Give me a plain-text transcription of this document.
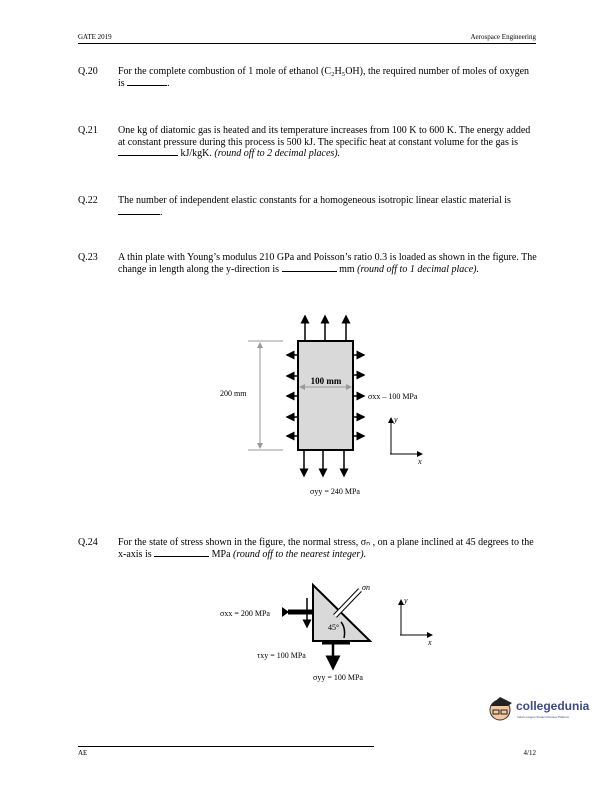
GATE 2019	Aerospace Engineering
Q.20 For the complete combustion of 1 mole of ethanol (C₂H₅OH), the required number of moles of oxygen is	.
Q.21 One kg of diatomic gas is heated and its temperature increases from 100 K to 600 K. The energy added at constant pressure during this process is 500 kJ. The specific heat at constant volume for the gas is  kJ/kgK. (round off to 2 decimal places).
Q.22 The number of independent elastic constants for a homogeneous isotropic linear elastic material is .
Q.23 A thin plate with Young’s modulus 210 GPa and Poisson’s ratio 0.3 is loaded as shown in the figure. The change in length along the y-direction is	mm (round off to 1 decimal place).
100 mm
200 mm	σxx – 100 MPa
σyy = 240 MPa
y
x
Q.24 For the state of stress shown in the figure, the normal stress, σₙ , on a plane inclined at 45 degrees to the x-axis is	MPa (round off to the nearest integer).
45°
σn
σxx = 200 MPa
τxy = 100 MPa
σyy = 100 MPa
y
x
collegedunia
India's largest Student Review Platform
AE	4/12
